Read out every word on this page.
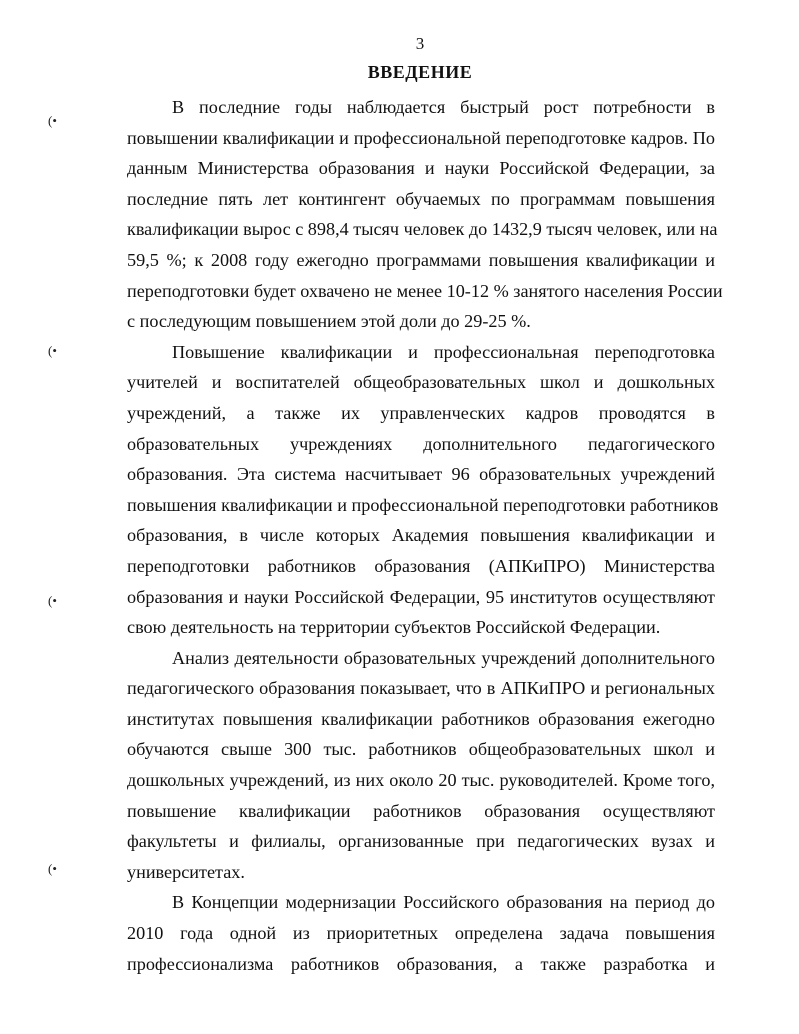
3
ВВЕДЕНИЕ
(•
(•
(•
(•

В последние годы наблюдается быстрый рост потребности в
повышении квалификации и профессиональной переподготовке кадров. По
данным Министерства образования и науки Российской Федерации, за
последние пять лет контингент обучаемых по программам повышения
квалификации вырос с 898,4 тысяч человек до 1432,9 тысяч человек, или на
59,5 %; к 2008 году ежегодно программами повышения квалификации и
переподготовки будет охвачено не менее 10-12 % занятого населения России
с последующим повышением этой доли до 29-25 %.

Повышение квалификации и профессиональная переподготовка
учителей и воспитателей общеобразовательных школ и дошкольных
учреждений, а также их управленческих кадров проводятся в
образовательных учреждениях дополнительного педагогического
образования. Эта система насчитывает 96 образовательных учреждений
повышения квалификации и профессиональной переподготовки работников
образования, в числе которых Академия повышения квалификации и
переподготовки работников образования (АПКиПРО) Министерства
образования и науки Российской Федерации, 95 институтов осуществляют
свою деятельность на территории субъектов Российской Федерации.

Анализ деятельности образовательных учреждений дополнительного
педагогического образования показывает, что в АПКиПРО и региональных
институтах повышения квалификации работников образования ежегодно
обучаются свыше 300 тыс. работников общеобразовательных школ и
дошкольных учреждений, из них около 20 тыс. руководителей. Кроме того,
повышение квалификации работников образования осуществляют
факультеты и филиалы, организованные при педагогических вузах и
университетах.

В Концепции модернизации Российского образования на период до
2010 года одной из приоритетных определена задача повышения
профессионализма работников образования, а также разработка и
